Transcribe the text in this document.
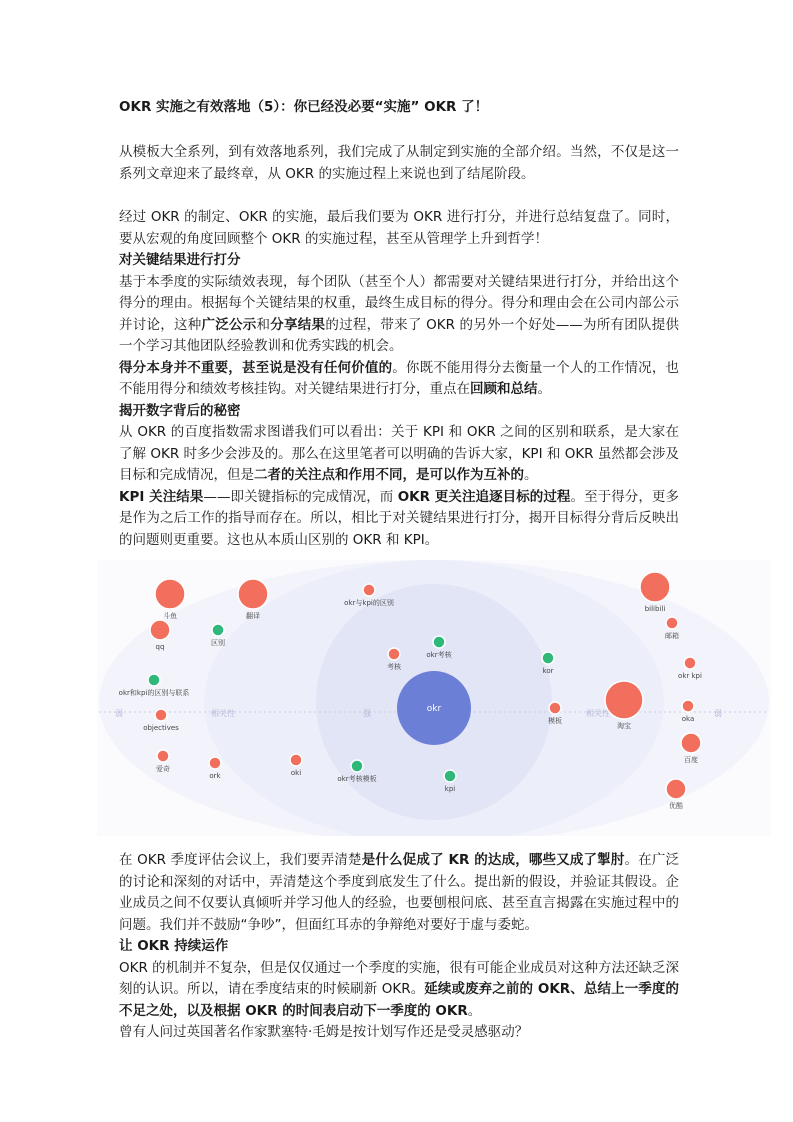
OKR 实施之有效落地（5）：你已经没必要“实施” OKR 了！

从模板大全系列，到有效落地系列，我们完成了从制定到实施的全部介绍。当然，不仅是这一系列文章迎来了最终章，从 OKR 的实施过程上来说也到了结尾阶段。

经过 OKR 的制定、OKR 的实施，最后我们要为 OKR 进行打分，并进行总结复盘了。同时，要从宏观的角度回顾整个 OKR 的实施过程，甚至从管理学上升到哲学！

对关键结果进行打分

基于本季度的实际绩效表现，每个团队（甚至个人）都需要对关键结果进行打分，并给出这个得分的理由。根据每个关键结果的权重，最终生成目标的得分。得分和理由会在公司内部公示并讨论，这种广泛公示和分享结果的过程，带来了 OKR 的另外一个好处——为所有团队提供一个学习其他团队经验教训和优秀实践的机会。

得分本身并不重要，甚至说是没有任何价值的。你既不能用得分去衡量一个人的工作情况，也不能用得分和绩效考核挂钩。对关键结果进行打分，重点在回顾和总结。

揭开数字背后的秘密

从 OKR 的百度指数需求图谱我们可以看出：关于 KPI 和 OKR 之间的区别和联系，是大家在了解 OKR 时多少会涉及的。那么在这里笔者可以明确的告诉大家，KPI 和 OKR 虽然都会涉及目标和完成情况，但是二者的关注点和作用不同，是可以作为互补的。

KPI 关注结果——即关键指标的完成情况，而 OKR 更关注追逐目标的过程。至于得分，更多是作为之后工作的指导而存在。所以，相比于对关键结果进行打分，揭开目标得分背后反映出的问题则更重要。这也从本质山区别的 OKR 和 KPI。

弱	相关性	强	相关性	弱
okr
斗鱼	翻译
qq	区别
okr与kpi的区别
考核
okr考核
okr和kpi的区别与联系
objectives
爱奇
ork	oki
okr考核模板
kpi
kor
模板
淘宝
bilibili
邮箱
okr kpi
oka
百度
优酷

在 OKR 季度评估会议上，我们要弄清楚是什么促成了 KR 的达成，哪些又成了掣肘。在广泛的讨论和深刻的对话中，弄清楚这个季度到底发生了什么。提出新的假设，并验证其假设。企业成员之间不仅要认真倾听并学习他人的经验，也要刨根问底、甚至直言揭露在实施过程中的问题。我们并不鼓励“争吵”，但面红耳赤的争辩绝对要好于虚与委蛇。

让 OKR 持续运作

OKR 的机制并不复杂，但是仅仅通过一个季度的实施，很有可能企业成员对这种方法还缺乏深刻的认识。所以，请在季度结束的时候刷新 OKR。延续或废弃之前的 OKR、总结上一季度的不足之处，以及根据 OKR 的时间表启动下一季度的 OKR。

曾有人问过英国著名作家默塞特·毛姆是按计划写作还是受灵感驱动？
